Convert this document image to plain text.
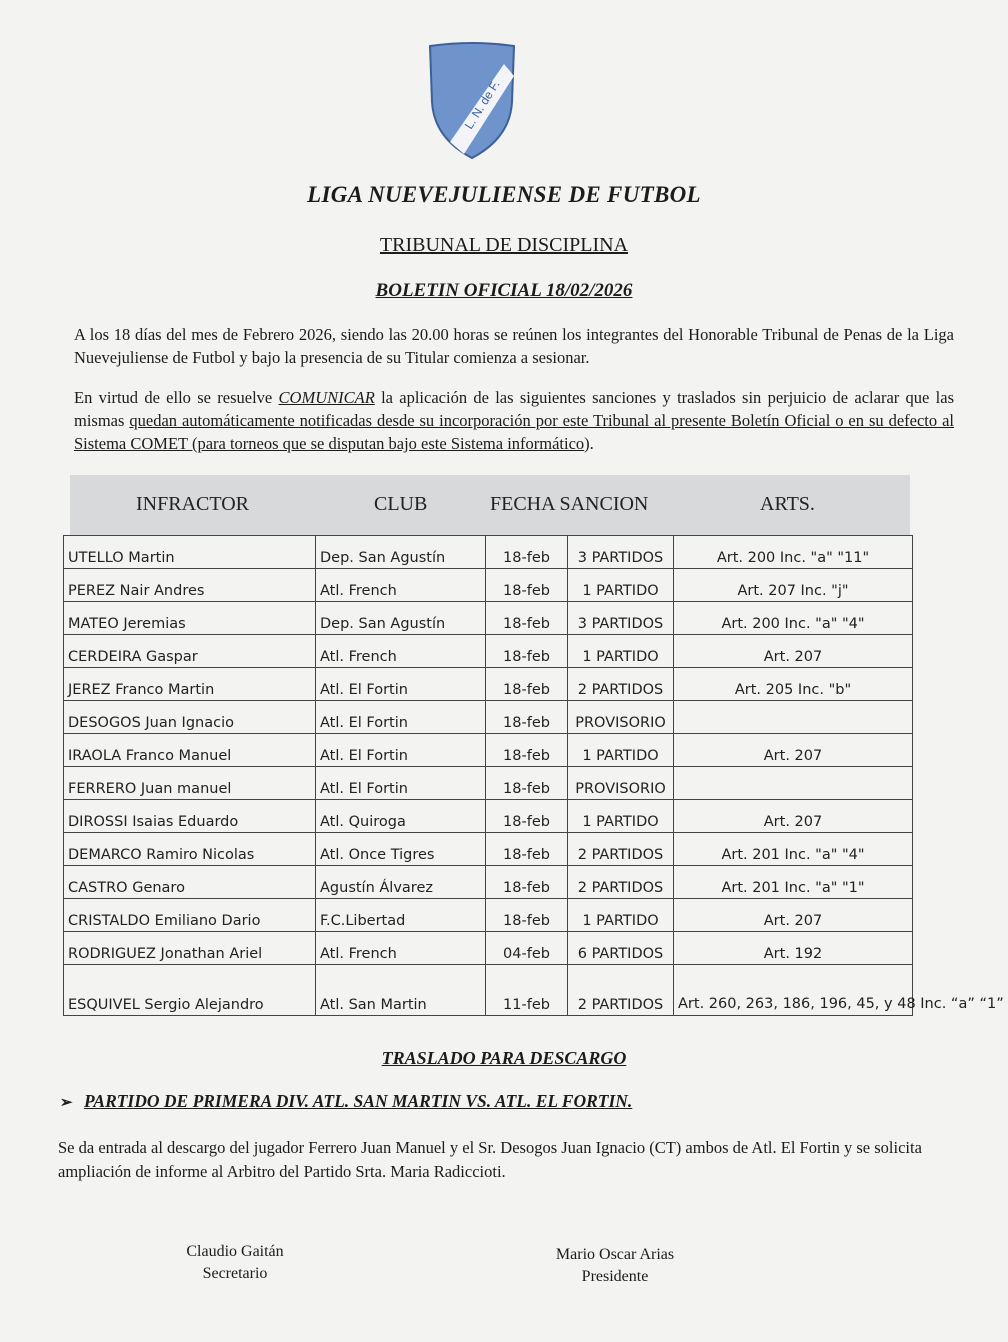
L. N. de F.
LIGA NUEVEJULIENSE DE FUTBOL
TRIBUNAL DE DISCIPLINA
BOLETIN OFICIAL 18/02/2026
A los 18 días del mes de Febrero 2026, siendo las 20.00 horas se reúnen los integrantes del Honorable Tribunal de Penas de la Liga Nuevejuliense de Futbol y bajo la presencia de su Titular comienza a sesionar.
En virtud de ello se resuelve COMUNICAR la aplicación de las siguientes sanciones y traslados sin perjuicio de aclarar que las mismas quedan automáticamente notificadas desde su incorporación por este Tribunal al presente Boletín Oficial o en su defecto al Sistema COMET (para torneos que se disputan bajo este Sistema informático).
INFRACTOR	CLUB	FECHA SANCION	ARTS.
UTELLO Martin	Dep. San Agustín	18-feb	3 PARTIDOS	Art. 200 Inc. "a" "11"
PEREZ Nair Andres	Atl. French	18-feb	1 PARTIDO	Art. 207 Inc. "j"
MATEO Jeremias	Dep. San Agustín	18-feb	3 PARTIDOS	Art. 200 Inc. "a" "4"
CERDEIRA Gaspar	Atl. French	18-feb	1 PARTIDO	Art. 207
JEREZ Franco Martin	Atl. El Fortin	18-feb	2 PARTIDOS	Art. 205 Inc. "b"
DESOGOS Juan Ignacio	Atl. El Fortin	18-feb	PROVISORIO	
IRAOLA Franco Manuel	Atl. El Fortin	18-feb	1 PARTIDO	Art. 207
FERRERO Juan manuel	Atl. El Fortin	18-feb	PROVISORIO	
DIROSSI Isaias Eduardo	Atl. Quiroga	18-feb	1 PARTIDO	Art. 207
DEMARCO Ramiro Nicolas	Atl. Once Tigres	18-feb	2 PARTIDOS	Art. 201 Inc. "a" "4"
CASTRO Genaro	Agustín Álvarez	18-feb	2 PARTIDOS	Art. 201 Inc. "a" "1"
CRISTALDO Emiliano Dario	F.C.Libertad	18-feb	1 PARTIDO	Art. 207
RODRIGUEZ Jonathan Ariel	Atl. French	04-feb	6 PARTIDOS	Art. 192
ESQUIVEL Sergio Alejandro	Atl. San Martin	11-feb	2 PARTIDOS	Art. 260, 263, 186, 196, 45, y 48 Inc. “a” “1”
TRASLADO PARA DESCARGO
➢ PARTIDO DE PRIMERA DIV. ATL. SAN MARTIN VS. ATL. EL FORTIN.
Se da entrada al descargo del jugador Ferrero Juan Manuel y el Sr. Desogos Juan Ignacio (CT) ambos de Atl. El Fortin y se solicita ampliación de informe al Arbitro del Partido Srta. Maria Radiccioti.
Claudio Gaitán
Secretario
Mario Oscar Arias
Presidente
